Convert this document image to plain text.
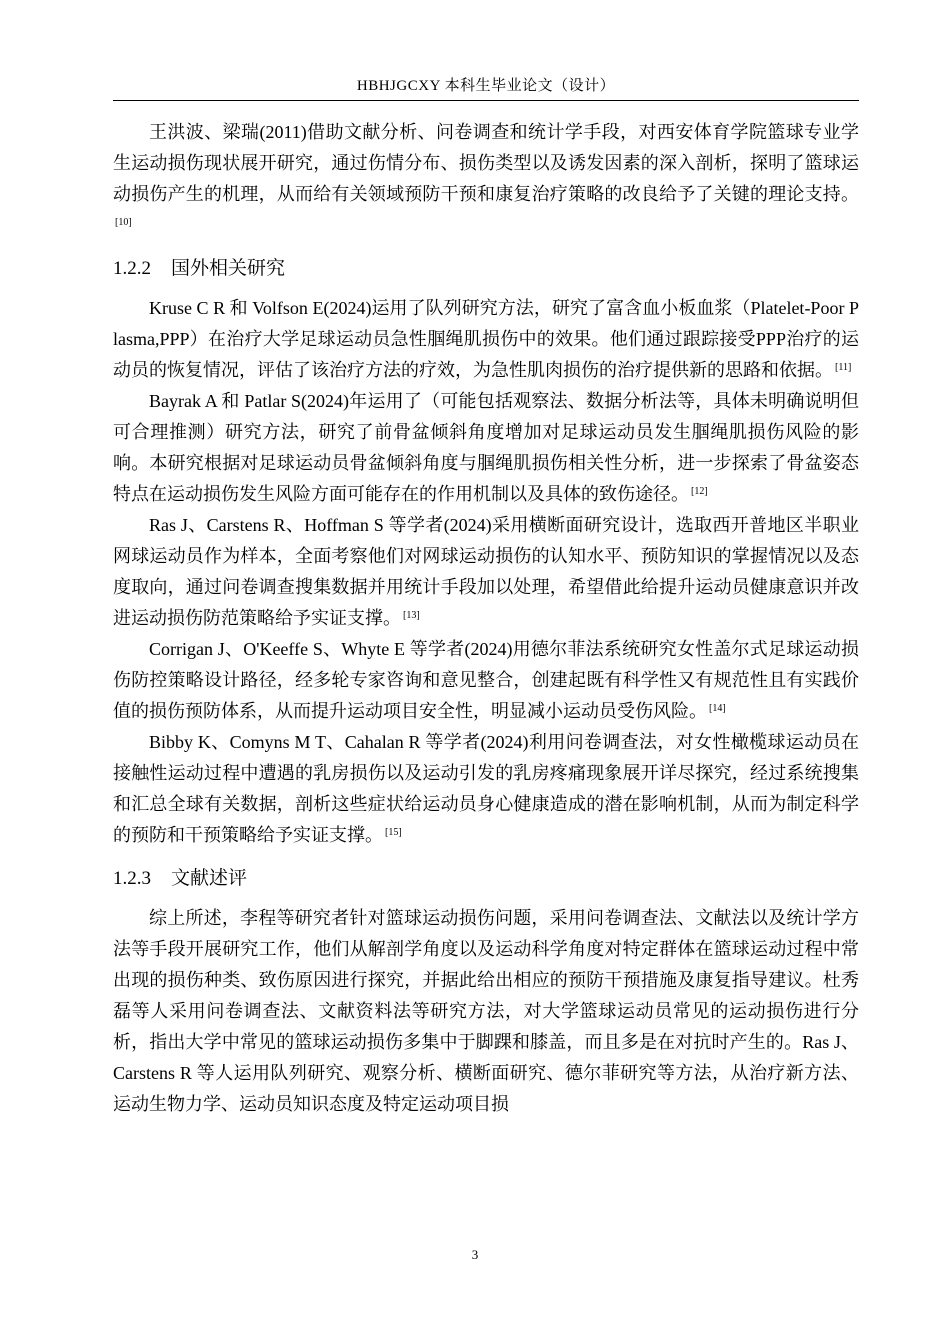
HBHJGCXY 本科生毕业论文（设计）

王洪波、梁瑞(2011)借助文献分析、问卷调查和统计学手段，对西安体育学院篮球专业学生运动损伤现状展开研究，通过伤情分布、损伤类型以及诱发因素的深入剖析，探明了篮球运动损伤产生的机理，从而给有关领域预防干预和康复治疗策略的改良给予了关键的理论支持。[10]

1.2.2 国外相关研究

Kruse C R 和 Volfson E(2024)运用了队列研究方法，研究了富含血小板血浆（Platelet-Poor Plasma,PPP）在治疗大学足球运动员急性腘绳肌损伤中的效果。他们通过跟踪接受PPP治疗的运动员的恢复情况，评估了该治疗方法的疗效，为急性肌肉损伤的治疗提供新的思路和依据。 [11]

Bayrak A 和 Patlar S(2024)年运用了（可能包括观察法、数据分析法等，具体未明确说明但可合理推测）研究方法，研究了前骨盆倾斜角度增加对足球运动员发生腘绳肌损伤风险的影响。本研究根据对足球运动员骨盆倾斜角度与腘绳肌损伤相关性分析，进一步探索了骨盆姿态特点在运动损伤发生风险方面可能存在的作用机制以及具体的致伤途径。 [12]

Ras J、Carstens R、Hoffman S 等学者(2024)采用横断面研究设计，选取西开普地区半职业网球运动员作为样本，全面考察他们对网球运动损伤的认知水平、预防知识的掌握情况以及态度取向，通过问卷调查搜集数据并用统计手段加以处理，希望借此给提升运动员健康意识并改进运动损伤防范策略给予实证支撑。 [13]

Corrigan J、O'Keeffe S、Whyte E 等学者(2024)用德尔菲法系统研究女性盖尔式足球运动损伤防控策略设计路径，经多轮专家咨询和意见整合，创建起既有科学性又有规范性且有实践价值的损伤预防体系，从而提升运动项目安全性，明显减小运动员受伤风险。 [14]

Bibby K、Comyns M T、Cahalan R 等学者(2024)利用问卷调查法，对女性橄榄球运动员在接触性运动过程中遭遇的乳房损伤以及运动引发的乳房疼痛现象展开详尽探究，经过系统搜集和汇总全球有关数据，剖析这些症状给运动员身心健康造成的潜在影响机制，从而为制定科学的预防和干预策略给予实证支撑。 [15]

1.2.3 文献述评

综上所述，李程等研究者针对篮球运动损伤问题，采用问卷调查法、文献法以及统计学方法等手段开展研究工作，他们从解剖学角度以及运动科学角度对特定群体在篮球运动过程中常出现的损伤种类、致伤原因进行探究，并据此给出相应的预防干预措施及康复指导建议。杜秀磊等人采用问卷调查法、文献资料法等研究方法，对大学篮球运动员常见的运动损伤进行分析，指出大学中常见的篮球运动损伤多集中于脚踝和膝盖，而且多是在对抗时产生的。Ras J、Carstens R 等人运用队列研究、观察分析、横断面研究、德尔菲研究等方法，从治疗新方法、运动生物力学、运动员知识态度及特定运动项目损

3
